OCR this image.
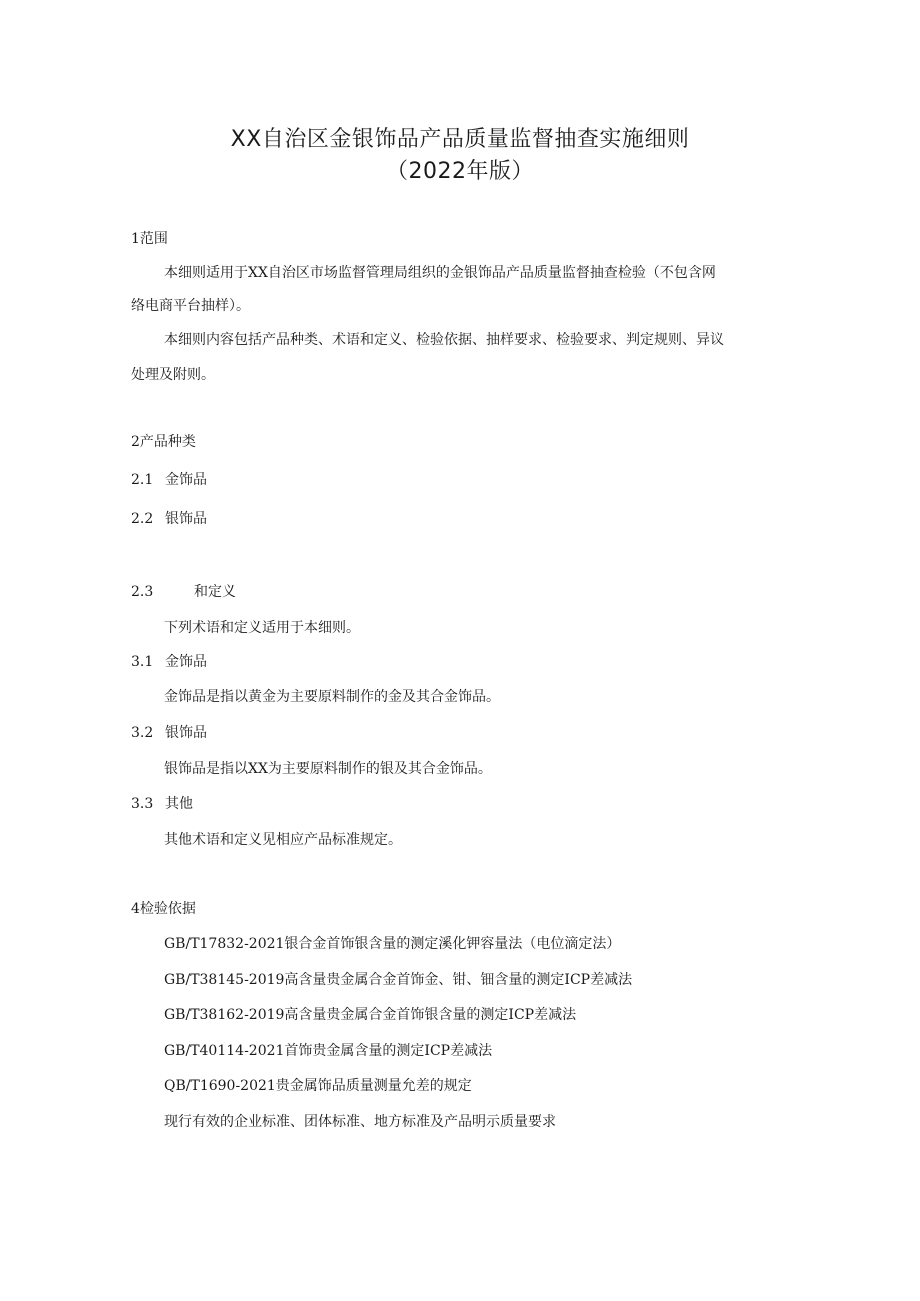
XX自治区金银饰品产品质量监督抽查实施细则
（2022年版）
1范围
本细则适用于XX自治区市场监督管理局组织的金银饰品产品质量监督抽查检验（不包含网
络电商平台抽样）。
本细则内容包括产品种类、术语和定义、检验依据、抽样要求、检验要求、判定规则、异议
处理及附则。
2产品种类
2.1 金饰品
2.2 银饰品
2.3	和定义
下列术语和定义适用于本细则。
3.1 金饰品
金饰品是指以黄金为主要原料制作的金及其合金饰品。
3.2 银饰品
银饰品是指以XX为主要原料制作的银及其合金饰品。
3.3 其他
其他术语和定义见相应产品标准规定。
4检验依据
GB/T17832-2021银合金首饰银含量的测定溪化钾容量法（电位滴定法）
GB/T38145-2019高含量贵金属合金首饰金、钳、钿含量的测定ICP差减法
GB/T38162-2019高含量贵金属合金首饰银含量的测定ICP差减法
GB/T40114-2021首饰贵金属含量的测定ICP差减法
QB/T1690-2021贵金属饰品质量测量允差的规定
现行有效的企业标准、团体标准、地方标准及产品明示质量要求
